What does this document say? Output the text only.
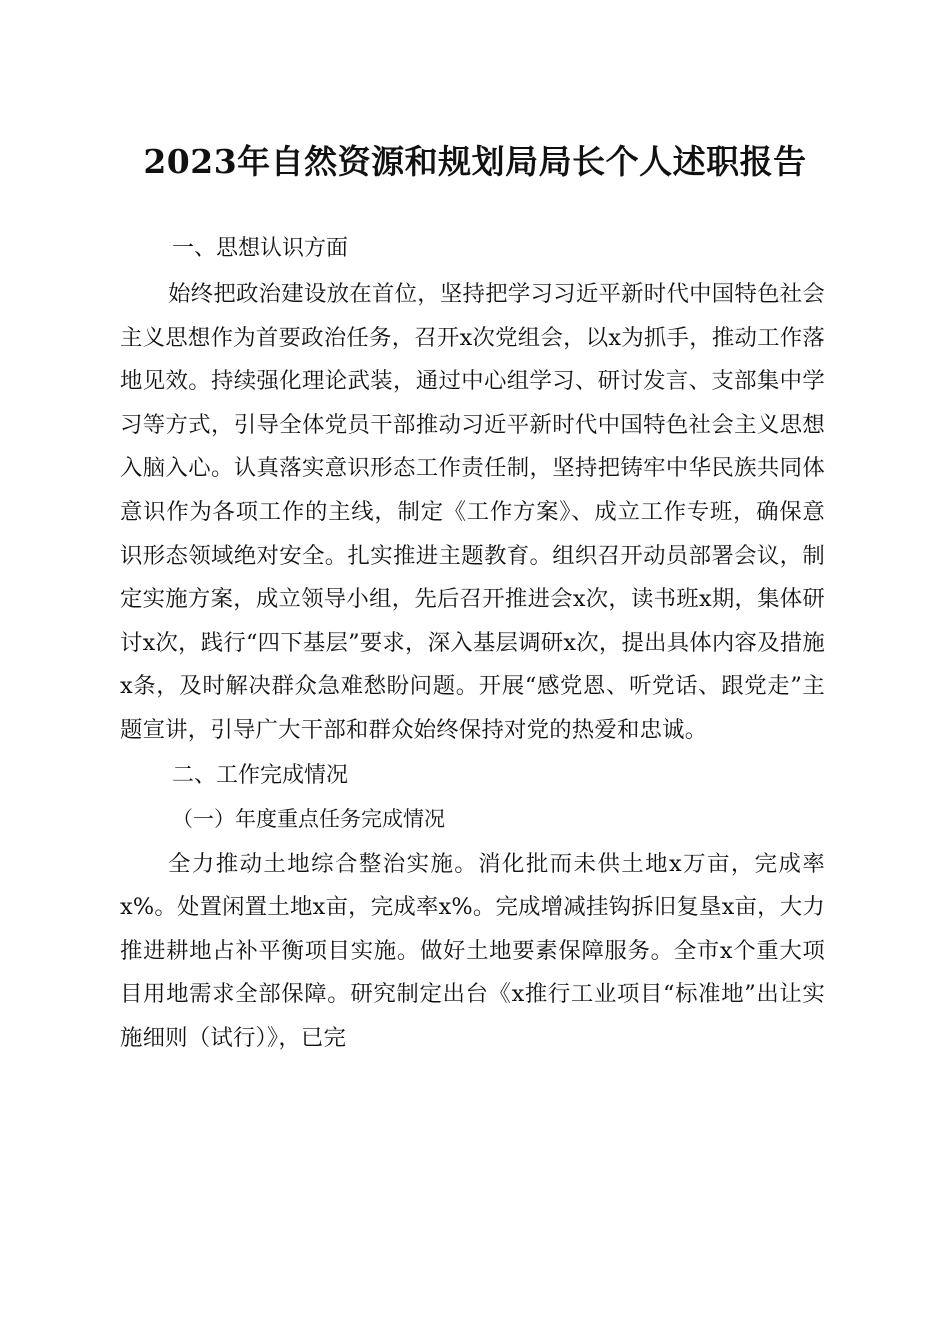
2023年自然资源和规划局局长个人述职报告

一、思想认识方面

始终把政治建设放在首位，坚持把学习习近平新时代中国特色社会主义思想作为首要政治任务，召开x次党组会，以x为抓手，推动工作落地见效。持续强化理论武装，通过中心组学习、研讨发言、支部集中学习等方式，引导全体党员干部推动习近平新时代中国特色社会主义思想入脑入心。认真落实意识形态工作责任制，坚持把铸牢中华民族共同体意识作为各项工作的主线，制定《工作方案》、成立工作专班，确保意识形态领域绝对安全。扎实推进主题教育。组织召开动员部署会议，制定实施方案，成立领导小组，先后召开推进会x次，读书班x期，集体研讨x次，践行“四下基层”要求，深入基层调研x次，提出具体内容及措施x条，及时解决群众急难愁盼问题。开展“感党恩、听党话、跟党走”主题宣讲，引导广大干部和群众始终保持对党的热爱和忠诚。

二、工作完成情况

（一）年度重点任务完成情况

全力推动土地综合整治实施。消化批而未供土地x万亩，完成率x%。处置闲置土地x亩，完成率x%。完成增减挂钩拆旧复垦x亩，大力推进耕地占补平衡项目实施。做好土地要素保障服务。全市x个重大项目用地需求全部保障。研究制定出台《x推行工业项目“标准地”出让实施细则（试行）》，已完
